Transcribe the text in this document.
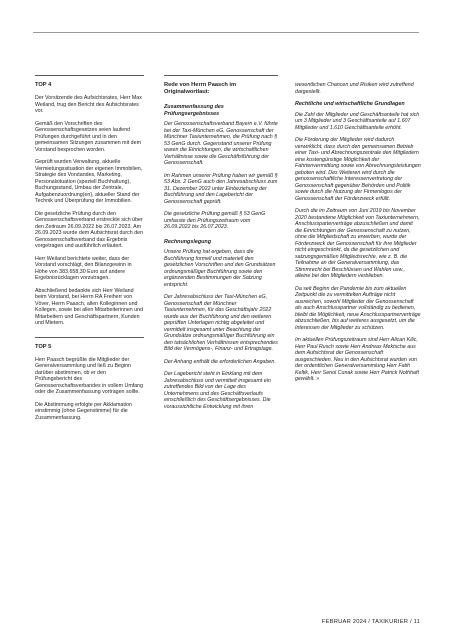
TOP 4

Der Vorsitzende des Aufsichtsrates, Herr Max Weiland, trug den Bericht des Aufsichtsrates vor.

Gemäß den Vorschriften des Genossenschaftsgesetzes seien laufend Prüfungen durchgeführt und in den gemeinsamen Sitzungen zusammen mit dem Vorstand besprochen worden.

Geprüft wurden Verwaltung, aktuelle Vermietungssituation der eigenen Immobilien, Strategie des Vorstandes, Marketing, Personalsituation (speziell Buchhaltung), Buchungsstand, Umbau der Zentrale, Aufgabenzuordnung(en), aktueller Stand der Technik und Überprüfung der Immobilien.

Die gesetzliche Prüfung durch den Genossenschaftsverband erstreckte sich über den Zeitraum 26.09.2022 bis 26.07.2023. Am 26.09.2023 wurde dem Aufsichtsrat durch den Genossenschaftsverband das Ergebnis vorgetragen und ausführlich erläutert.

Herr Weiland berichtete weiter, dass der Vorstand vorschlägt, den Bilanzgewinn in Höhe von 383.658,30 Euro auf andere Ergebnisrücklagen vorzutragen.

Abschließend bedankte sich Herr Weiland beim Vorstand, bei Herrn RA Freiherr von Vöver, Herrn Paasch, allen Kolleginnen und Kollegen, sowie bei allen Mitarbeiterinnen und Mitarbeitern und Geschäftspartnern, Kunden und Mietern.

TOP 5

Herr Paasch begrüßte die Mitglieder der Generalversammlung und ließ zu Beginn darüber abstimmen, ob er den Prüfungsbericht des Genossenschaftsverbandes in vollem Umfang oder die Zusammenfassung vortragen sollte.

Die Abstimmung erfolgte per Akklamation einstimmig (ohne Gegenstimme) für die Zusammenfassung.

Rede von Herrn Paasch im
Originalwortlaut:
Zusammenfassung des Prüfungsergebnisses

Der Genossenschaftsverband Bayern e.V. führte bei der Taxi-München eG, Genossenschaft der Münchner Taxiunternehmen, die Prüfung nach § 53 GenG durch. Gegenstand unserer Prüfung waren die Einrichtungen, die wirtschaftlichen Verhältnisse sowie die Geschäftsführung der Genossenschaft.

Im Rahmen unserer Prüfung haben wir gemäß § 53 Abs. 2 GenG auch den Jahresabschluss zum 31. Dezember 2022 unter Einbeziehung der Buchführung und den Lagebericht der Genossenschaft geprüft.

Die gesetzliche Prüfung gemäß § 53 GenG umfasste den Prüfungszeitraum vom 26.09.2022 bis 26.07.2023.

Rechnungslegung

Unsere Prüfung hat ergeben, dass die Buchführung formell und materiell den gesetzlichen Vorschriften und den Grundsätzen ordnungsmäßiger Buchführung sowie den ergänzenden Bestimmungen der Satzung entspricht.

Der Jahresabschluss der Taxi-München eG, Genossenschaft der Münchner Taxiunternehmen, für das Geschäftsjahr 2022 wurde aus der Buchführung und den weiteren geprüften Unterlagen richtig abgeleitet und vermittelt insgesamt unter Beachtung der Grundsätze ordnungsmäßiger Buchführung ein den tatsächlichen Verhältnissen entsprechendes Bild der Vermögens-, Finanz- und Ertragslage.

Der Anhang enthält die erforderlichen Angaben.

Der Lagebericht steht in Einklang mit dem Jahresabschluss und vermittelt insgesamt ein zutreffendes Bild von der Lage des Unternehmens und des Geschäftsverlaufs einschließlich des Geschäftsergebnisses. Die voraussichtliche Entwicklung mit ihren

wesentlichen Chancen und Risiken wird zutreffend dargestellt.

Rechtliche und wirtschaftliche Grundlagen

Die Zahl der Mitglieder und Geschäftsanteile hat sich um 3 Mitglieder und 3 Geschäftsanteile auf 1.607 Mitglieder und 1.610 Geschäftsanteile erhöht.

Die Förderung der Mitglieder wird dadurch verwirklicht, dass durch den gemeinsamen Betrieb einer Taxi- und Abrechnungszentrale den Mitgliedern eine kostengünstige Möglichkeit der Fahrtenvermittlung sowie von Abrechnungsleistungen geboten wird. Des Weiteren wird durch die genossenschaftliche Interessenvertretung der Genossenschaft gegenüber Behörden und Politik sowie durch die Nutzung der Firmenlogos der Genossenschaft der Förderzweck erfüllt.

Durch die im Zeitraum von Juni 2019 bis November 2020 bestandene Möglichkeit von Taxiunternehmern, Anschlussparterverträge abzuschließen und damit die Einrichtungen der Genossenschaft zu nutzen, ohne die Mitgliedschaft zu erwerben, wurde der Förderzweck der Genossenschaft für ihre Mitglieder nicht eingeschränkt, da die gesetzlichen und satzungsgemäßen Mitgliedsrechte, wie z. B. die Teilnahme an der Generalversammlung, das Stimmrecht bei Beschlüssen und Wahlen usw., alleine bei den Mitgliedern verblieben.

Da seit Beginn der Pandemie bis zum aktuellen Zeitpunkt die zu vermittelten Aufträge nicht ausreichen, sowohl Mitglieder der Genossenschaft als auch Anschlusspartner vollständig zu bedienen, bleibt die Möglichkeit, neue Anschlusspartnerverträge abzuschließen, bis auf weiteres ausgesetzt, um die Interessen der Mitglieder zu schützen.

Im aktuellen Prüfungszeitraum sind Herr Alican Kilic, Herr Paul Rusch sowie Herr Andreas Mektsche aus dem Aufsichtsrat der Genossenschaft ausgeschieden. Neu in den Aufsichtsrat wurden von der ordentlichen Generalversammlung Herr Fatih Keltik, Herr Senol Cunak sowie Herr Patrick Nothhaft gewählt. »

FEBRUAR 2024 / TAXIKURIER / 11
